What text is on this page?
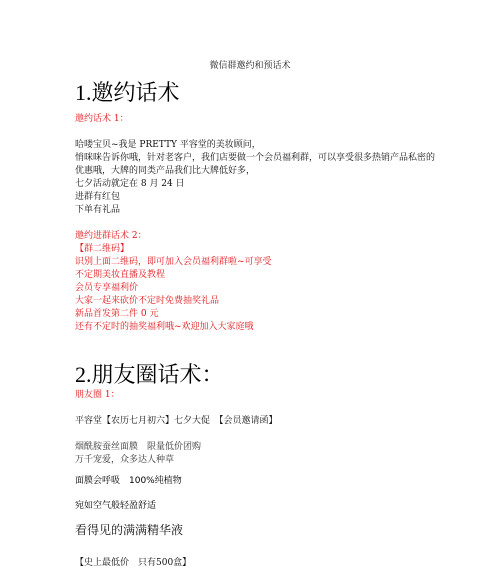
微信群邀约和预话术
1.邀约话术
邀约话术 1：
哈喽宝贝~我是 PRETTY 平容堂的美妆顾问，
悄咪咪告诉你哦，针对老客户，我们店要做一个会员福利群，可以享受很多热销产品私密的
优惠哦，大牌的同类产品我们比大牌低好多，
七夕活动就定在 8 月 24 日
进群有红包
下单有礼品
邀约进群话术 2：
【群二维码】
识别上面二维码，即可加入会员福利群啦~可享受
不定期美妆直播及教程
会员专享福利价
大家一起来砍价不定时免费抽奖礼品
新品首发第二件 0 元
还有不定时的抽奖福利哦~欢迎加入大家庭哦
2.朋友圈话术：
朋友圈 1：
平容堂【农历七月初六】七夕大促　【会员邀请函】
烟酰胺蚕丝面膜　限量低价团购
万千宠爱，众多达人种草
面膜会呼吸　100%纯植物
宛如空气般轻盈舒适
看得见的满满精华液
【史上最低价　只有500盒】
